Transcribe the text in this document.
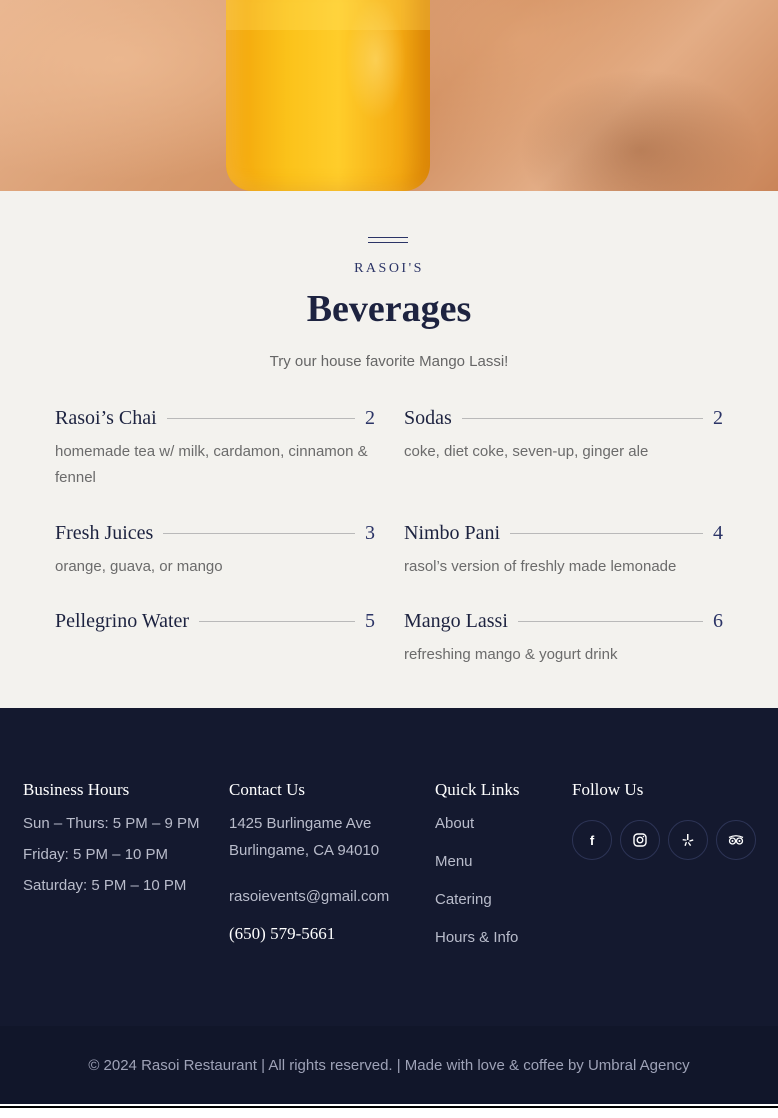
RASOI'S
Beverages

Try our house favorite Mango Lassi!

Rasoi’s Chai	2
homemade tea w/ milk, cardamon, cinnamon & fennel
Sodas	2
coke, diet coke, seven-up, ginger ale
Fresh Juices	3
orange, guava, or mango
Nimbo Pani	4
rasol’s version of freshly made lemonade
Pellegrino Water	5 Mango Lassi	6
refreshing mango & yogurt drink
Business Hours
Sun – Thurs: 5 PM – 9 PM
Friday: 5 PM – 10 PM
Saturday: 5 PM – 10 PM
Contact Us
1425 Burlingame Ave
Burlingame, CA 94010
rasoievents@gmail.com
(650) 579-5661
Quick Links
About
Menu
Catering
Hours & Info
Follow Us
f
© 2024 Rasoi Restaurant | All rights reserved. | Made with love & coffee by Umbral Agency
